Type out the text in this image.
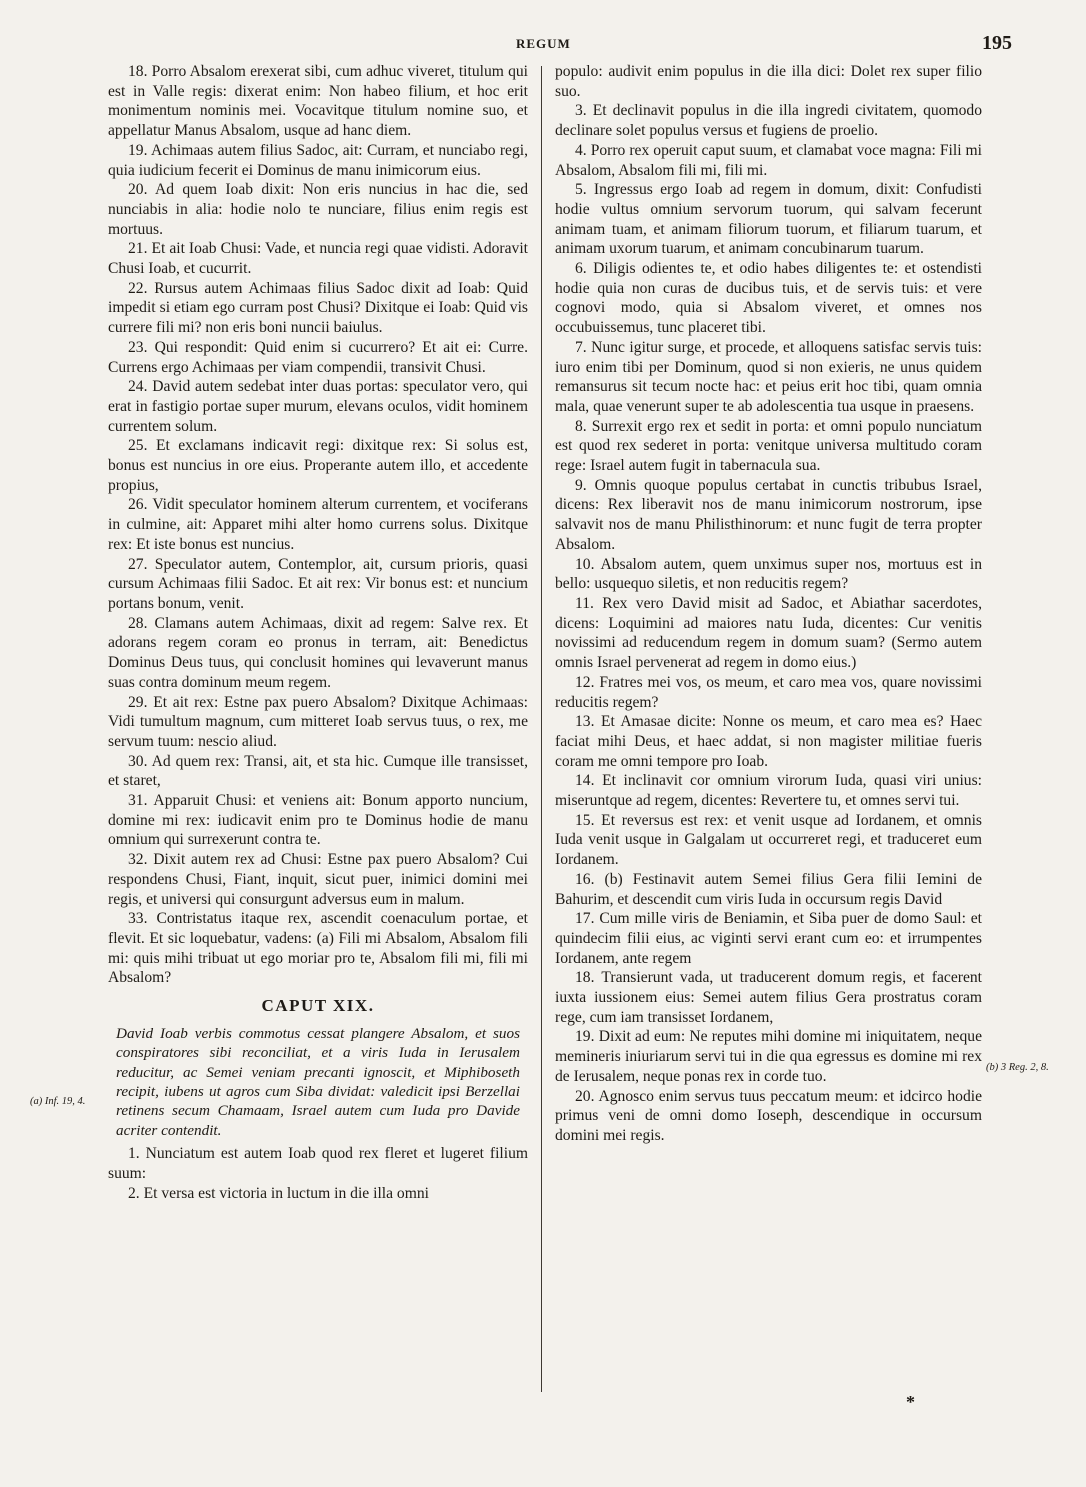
REGUM	195

18. Porro Absalom erexerat sibi, cum adhuc viveret, titulum qui est in Valle regis: dixerat enim: Non habeo filium, et hoc erit monimentum nominis mei. Vocavitque titulum nomine suo, et appellatur Manus Absalom, usque ad hanc diem.

19. Achimaas autem filius Sadoc, ait: Curram, et nunciabo regi, quia iudicium fecerit ei Dominus de manu inimicorum eius.

20. Ad quem Ioab dixit: Non eris nuncius in hac die, sed nunciabis in alia: hodie nolo te nunciare, filius enim regis est mortuus.

21. Et ait Ioab Chusi: Vade, et nuncia regi quae vidisti. Adoravit Chusi Ioab, et cucurrit.

22. Rursus autem Achimaas filius Sadoc dixit ad Ioab: Quid impedit si etiam ego curram post Chusi? Dixitque ei Ioab: Quid vis currere fili mi? non eris boni nuncii baiulus.

23. Qui respondit: Quid enim si cucurrero? Et ait ei: Curre. Currens ergo Achimaas per viam compendii, transivit Chusi.

24. David autem sedebat inter duas portas: speculator vero, qui erat in fastigio portae super murum, elevans oculos, vidit hominem currentem solum.

25. Et exclamans indicavit regi: dixitque rex: Si solus est, bonus est nuncius in ore eius. Properante autem illo, et accedente propius,

26. Vidit speculator hominem alterum currentem, et vociferans in culmine, ait: Apparet mihi alter homo currens solus. Dixitque rex: Et iste bonus est nuncius.

27. Speculator autem, Contemplor, ait, cursum prioris, quasi cursum Achimaas filii Sadoc. Et ait rex: Vir bonus est: et nuncium portans bonum, venit.

28. Clamans autem Achimaas, dixit ad regem: Salve rex. Et adorans regem coram eo pronus in terram, ait: Benedictus Dominus Deus tuus, qui conclusit homines qui levaverunt manus suas contra dominum meum regem.

29. Et ait rex: Estne pax puero Absalom? Dixitque Achimaas: Vidi tumultum magnum, cum mitteret Ioab servus tuus, o rex, me servum tuum: nescio aliud.

30. Ad quem rex: Transi, ait, et sta hic. Cumque ille transisset, et staret,

31. Apparuit Chusi: et veniens ait: Bonum apporto nuncium, domine mi rex: iudicavit enim pro te Dominus hodie de manu omnium qui surrexerunt contra te.

32. Dixit autem rex ad Chusi: Estne pax puero Absalom? Cui respondens Chusi, Fiant, inquit, sicut puer, inimici domini mei regis, et universi qui consurgunt adversus eum in malum.

33. Contristatus itaque rex, ascendit coenaculum portae, et flevit. Et sic loquebatur, vadens: (a) Fili mi Absalom, Absalom fili mi: quis mihi tribuat ut ego moriar pro te, Absalom fili mi, fili mi Absalom?

CAPUT XIX.

David Ioab verbis commotus cessat plangere Absalom, et suos conspiratores sibi reconciliat, et a viris Iuda in Ierusalem reducitur, ac Semei veniam precanti ignoscit, et Miphiboseth recipit, iubens ut agros cum Siba dividat: valedicit ipsi Berzellai retinens secum Chamaam, Israel autem cum Iuda pro Davide acriter contendit.

1. Nunciatum est autem Ioab quod rex fleret et lugeret filium suum:

2. Et versa est victoria in luctum in die illa omni

populo: audivit enim populus in die illa dici: Dolet rex super filio suo.

3. Et declinavit populus in die illa ingredi civitatem, quomodo declinare solet populus versus et fugiens de proelio.

4. Porro rex operuit caput suum, et clamabat voce magna: Fili mi Absalom, Absalom fili mi, fili mi.

5. Ingressus ergo Ioab ad regem in domum, dixit: Confudisti hodie vultus omnium servorum tuorum, qui salvam fecerunt animam tuam, et animam filiorum tuorum, et filiarum tuarum, et animam uxorum tuarum, et animam concubinarum tuarum.

6. Diligis odientes te, et odio habes diligentes te: et ostendisti hodie quia non curas de ducibus tuis, et de servis tuis: et vere cognovi modo, quia si Absalom viveret, et omnes nos occubuissemus, tunc placeret tibi.

7. Nunc igitur surge, et procede, et alloquens satisfac servis tuis: iuro enim tibi per Dominum, quod si non exieris, ne unus quidem remansurus sit tecum nocte hac: et peius erit hoc tibi, quam omnia mala, quae venerunt super te ab adolescentia tua usque in praesens.

8. Surrexit ergo rex et sedit in porta: et omni populo nunciatum est quod rex sederet in porta: venitque universa multitudo coram rege: Israel autem fugit in tabernacula sua.

9. Omnis quoque populus certabat in cunctis tribubus Israel, dicens: Rex liberavit nos de manu inimicorum nostrorum, ipse salvavit nos de manu Philisthinorum: et nunc fugit de terra propter Absalom.

10. Absalom autem, quem unximus super nos, mortuus est in bello: usquequo siletis, et non reducitis regem?

11. Rex vero David misit ad Sadoc, et Abiathar sacerdotes, dicens: Loquimini ad maiores natu Iuda, dicentes: Cur venitis novissimi ad reducendum regem in domum suam? (Sermo autem omnis Israel pervenerat ad regem in domo eius.)

12. Fratres mei vos, os meum, et caro mea vos, quare novissimi reducitis regem?

13. Et Amasae dicite: Nonne os meum, et caro mea es? Haec faciat mihi Deus, et haec addat, si non magister militiae fueris coram me omni tempore pro Ioab.

14. Et inclinavit cor omnium virorum Iuda, quasi viri unius: miseruntque ad regem, dicentes: Revertere tu, et omnes servi tui.

15. Et reversus est rex: et venit usque ad Iordanem, et omnis Iuda venit usque in Galgalam ut occurreret regi, et traduceret eum Iordanem.

16. (b) Festinavit autem Semei filius Gera filii Iemini de Bahurim, et descendit cum viris Iuda in occursum regis David

17. Cum mille viris de Beniamin, et Siba puer de domo Saul: et quindecim filii eius, ac viginti servi erant cum eo: et irrumpentes Iordanem, ante regem

18. Transierunt vada, ut traducerent domum regis, et facerent iuxta iussionem eius: Semei autem filius Gera prostratus coram rege, cum iam transisset Iordanem,

19. Dixit ad eum: Ne reputes mihi domine mi iniquitatem, neque memineris iniuriarum servi tui in die qua egressus es domine mi rex de Ierusalem, neque ponas rex in corde tuo.

20. Agnosco enim servus tuus peccatum meum: et idcirco hodie primus veni de omni domo Ioseph, descendique in occursum domini mei regis.

(a) Inf. 19, 4.
(b) 3 Reg. 2, 8.
*
